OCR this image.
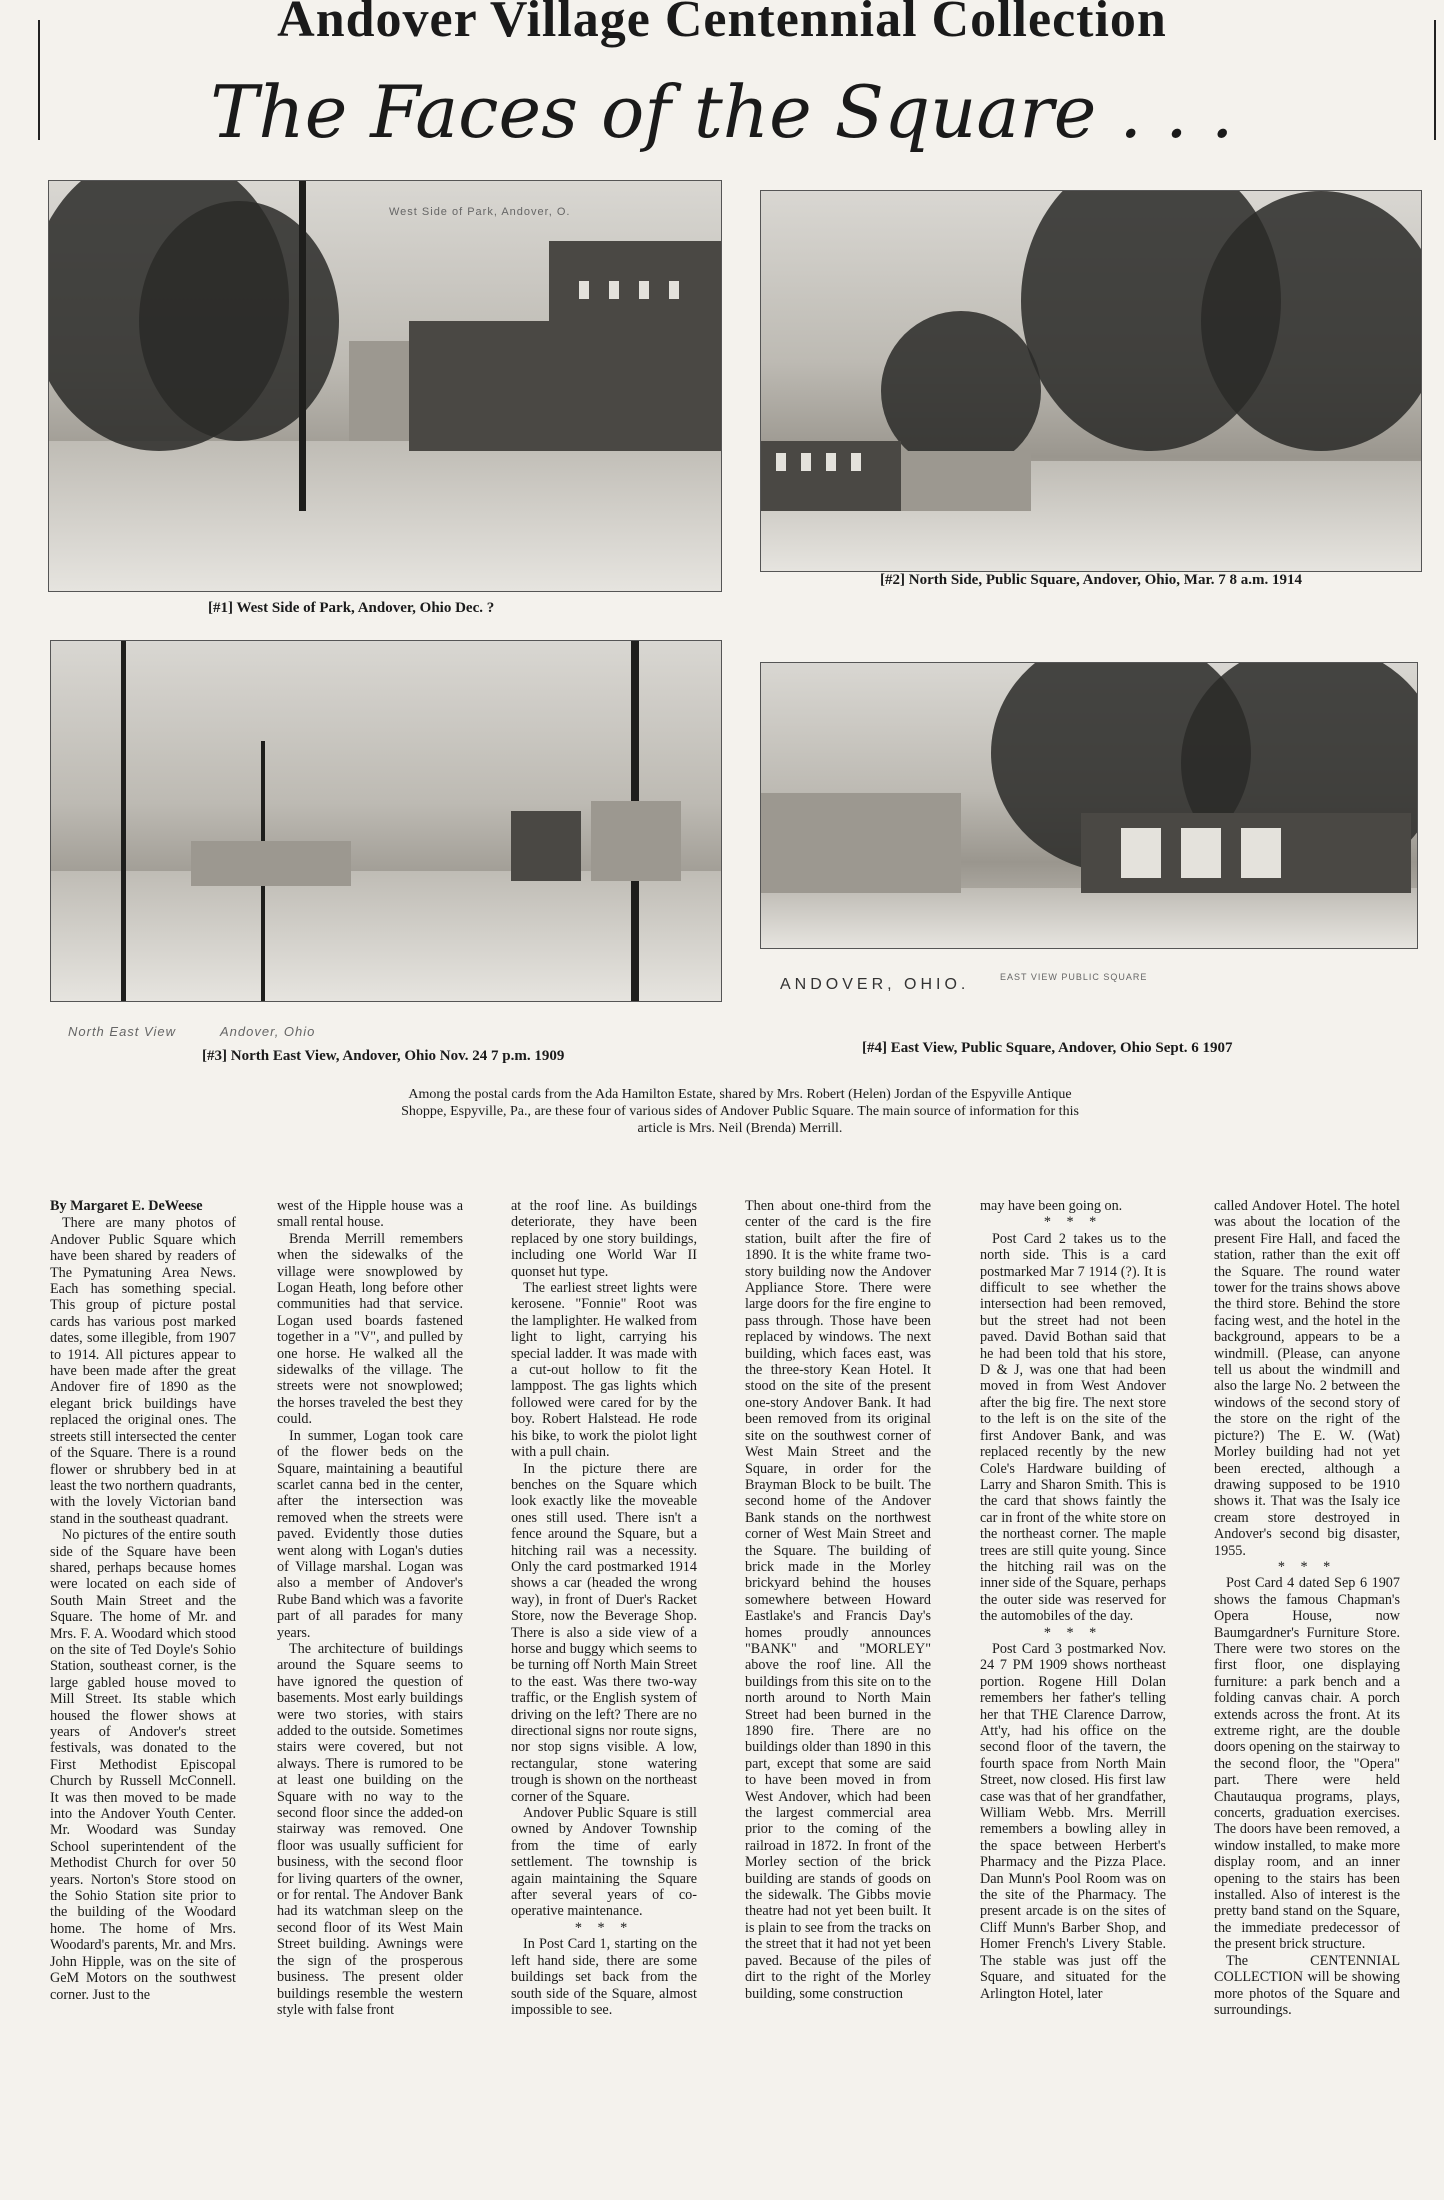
Andover Village Centennial Collection
The Faces of the Square . . .
West Side of Park, Andover, O.
[#1] West Side of Park, Andover, Ohio Dec. ?
[#2] North Side, Public Square, Andover, Ohio, Mar. 7 8 a.m. 1914
North East View	Andover, Ohio
[#3] North East View, Andover, Ohio Nov. 24 7 p.m. 1909
ANDOVER, OHIO.	EAST VIEW PUBLIC SQUARE
[#4] East View, Public Square, Andover, Ohio Sept. 6 1907
Among the postal cards from the Ada Hamilton Estate, shared by Mrs. Robert (Helen) Jordan of the Espyville Antique Shoppe, Espyville, Pa., are these four of various sides of Andover Public Square. The main source of information for this article is Mrs. Neil (Brenda) Merrill.

By Margaret E. DeWeese

There are many photos of Andover Public Square which have been shared by readers of The Pymatuning Area News. Each has something special. This group of picture postal cards has various post marked dates, some illegible, from 1907 to 1914. All pictures appear to have been made after the great Andover fire of 1890 as the elegant brick buildings have replaced the original ones. The streets still intersected the center of the Square. There is a round flower or shrubbery bed in at least the two northern quadrants, with the lovely Victorian band stand in the southeast quadrant.

No pictures of the entire south side of the Square have been shared, perhaps because homes were located on each side of South Main Street and the Square. The home of Mr. and Mrs. F. A. Woodard which stood on the site of Ted Doyle's Sohio Station, southeast corner, is the large gabled house moved to Mill Street. Its stable which housed the flower shows at years of Andover's street festivals, was donated to the First Methodist Episcopal Church by Russell McConnell. It was then moved to be made into the Andover Youth Center. Mr. Woodard was Sunday School superintendent of the Methodist Church for over 50 years. Norton's Store stood on the Sohio Station site prior to the building of the Woodard home. The home of Mrs. Woodard's parents, Mr. and Mrs. John Hipple, was on the site of GeM Motors on the southwest corner. Just to the

west of the Hipple house was a small rental house.

Brenda Merrill remembers when the sidewalks of the village were snowplowed by Logan Heath, long before other communities had that service. Logan used boards fastened together in a "V", and pulled by one horse. He walked all the sidewalks of the village. The streets were not snowplowed; the horses traveled the best they could.

In summer, Logan took care of the flower beds on the Square, maintaining a beautiful scarlet canna bed in the center, after the intersection was removed when the streets were paved. Evidently those duties went along with Logan's duties of Village marshal. Logan was also a member of Andover's Rube Band which was a favorite part of all parades for many years.

The architecture of buildings around the Square seems to have ignored the question of basements. Most early buildings were two stories, with stairs added to the outside. Sometimes stairs were covered, but not always. There is rumored to be at least one building on the Square with no way to the second floor since the added-on stairway was removed. One floor was usually sufficient for business, with the second floor for living quarters of the owner, or for rental. The Andover Bank had its watchman sleep on the second floor of its West Main Street building. Awnings were the sign of the prosperous business. The present older buildings resemble the western style with false front

at the roof line. As buildings deteriorate, they have been replaced by one story buildings, including one World War II quonset hut type.

The earliest street lights were kerosene. "Fonnie" Root was the lamplighter. He walked from light to light, carrying his special ladder. It was made with a cut-out hollow to fit the lamppost. The gas lights which followed were cared for by the boy. Robert Halstead. He rode his bike, to work the piolot light with a pull chain.

In the picture there are benches on the Square which look exactly like the moveable ones still used. There isn't a fence around the Square, but a hitching rail was a necessity. Only the card postmarked 1914 shows a car (headed the wrong way), in front of Duer's Racket Store, now the Beverage Shop. There is also a side view of a horse and buggy which seems to be turning off North Main Street to the east. Was there two-way traffic, or the English system of driving on the left? There are no directional signs nor route signs, nor stop signs visible. A low, rectangular, stone watering trough is shown on the northeast corner of the Square.

Andover Public Square is still owned by Andover Township from the time of early settlement. The township is again maintaining the Square after several years of co-operative maintenance.

* * *

In Post Card 1, starting on the left hand side, there are some buildings set back from the south side of the Square, almost impossible to see.

Then about one-third from the center of the card is the fire station, built after the fire of 1890. It is the white frame two-story building now the Andover Appliance Store. There were large doors for the fire engine to pass through. Those have been replaced by windows. The next building, which faces east, was the three-story Kean Hotel. It stood on the site of the present one-story Andover Bank. It had been removed from its original site on the southwest corner of West Main Street and the Square, in order for the Brayman Block to be built. The second home of the Andover Bank stands on the northwest corner of West Main Street and the Square. The building of brick made in the Morley brickyard behind the houses somewhere between Howard Eastlake's and Francis Day's homes proudly announces "BANK" and "MORLEY" above the roof line. All the buildings from this site on to the north around to North Main Street had been burned in the 1890 fire. There are no buildings older than 1890 in this part, except that some are said to have been moved in from West Andover, which had been the largest commercial area prior to the coming of the railroad in 1872. In front of the Morley section of the brick building are stands of goods on the sidewalk. The Gibbs movie theatre had not yet been built. It is plain to see from the tracks on the street that it had not yet been paved. Because of the piles of dirt to the right of the Morley building, some construction

may have been going on.

* * *

Post Card 2 takes us to the north side. This is a card postmarked Mar 7 1914 (?). It is difficult to see whether the intersection had been removed, but the street had not been paved. David Bothan said that he had been told that his store, D & J, was one that had been moved in from West Andover after the big fire. The next store to the left is on the site of the first Andover Bank, and was replaced recently by the new Cole's Hardware building of Larry and Sharon Smith. This is the card that shows faintly the car in front of the white store on the northeast corner. The maple trees are still quite young. Since the hitching rail was on the inner side of the Square, perhaps the outer side was reserved for the automobiles of the day.

* * *

Post Card 3 postmarked Nov. 24 7 PM 1909 shows northeast portion. Rogene Hill Dolan remembers her father's telling her that THE Clarence Darrow, Att'y, had his office on the second floor of the tavern, the fourth space from North Main Street, now closed. His first law case was that of her grandfather, William Webb. Mrs. Merrill remembers a bowling alley in the space between Herbert's Pharmacy and the Pizza Place. Dan Munn's Pool Room was on the site of the Pharmacy. The present arcade is on the sites of Cliff Munn's Barber Shop, and Homer French's Livery Stable. The stable was just off the Square, and situated for the Arlington Hotel, later

called Andover Hotel. The hotel was about the location of the present Fire Hall, and faced the station, rather than the exit off the Square. The round water tower for the trains shows above the third store. Behind the store facing west, and the hotel in the background, appears to be a windmill. (Please, can anyone tell us about the windmill and also the large No. 2 between the windows of the second story of the store on the right of the picture?) The E. W. (Wat) Morley building had not yet been erected, although a drawing supposed to be 1910 shows it. That was the Isaly ice cream store destroyed in Andover's second big disaster, 1955.

* * *

Post Card 4 dated Sep 6 1907 shows the famous Chapman's Opera House, now Baumgardner's Furniture Store. There were two stores on the first floor, one displaying furniture: a park bench and a folding canvas chair. A porch extends across the front. At its extreme right, are the double doors opening on the stairway to the second floor, the "Opera" part. There were held Chautauqua programs, plays, concerts, graduation exercises. The doors have been removed, a window installed, to make more display room, and an inner opening to the stairs has been installed. Also of interest is the pretty band stand on the Square, the immediate predecessor of the present brick structure.

The CENTENNIAL COLLECTION will be showing more photos of the Square and surroundings.
